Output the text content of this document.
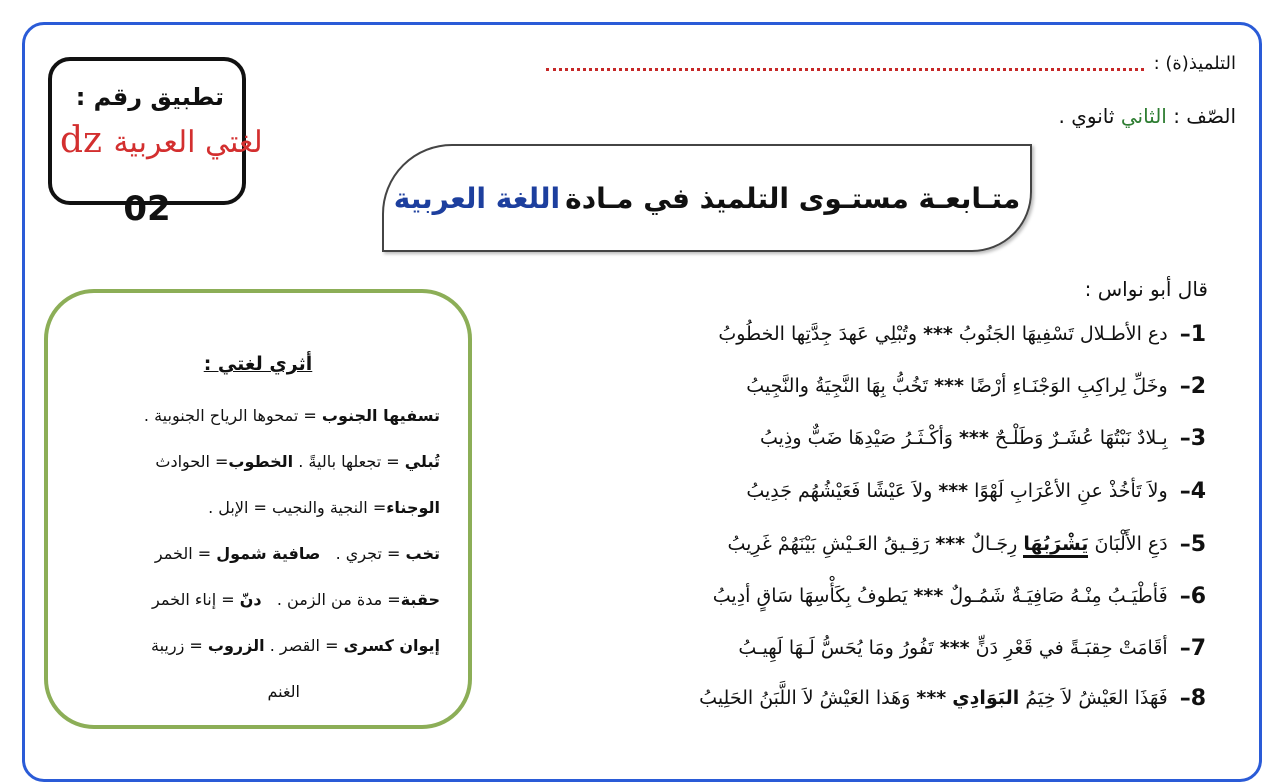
التلميذ(ة) :
الصّف : الثاني ثانوي .
متـابعـة مستـوى التلميذ في مـادة

اللغة العربية
تطبيق رقم :
02
dz لغتي العربية
أثري لغتي :
تسفيها الجنوب = تمحوها الرياح الجنوبية .
تُبلي = تجعلها باليةً . الخطوب= الحوادث
الوجناء= النجية والنجيب = الإبل .
تخب = تجري .   صافية شمول = الخمر
حقبة= مدة من الزمن .   دنّ = إناء الخمر
إيوان كسرى = القصر . الزروب = زريبة
الغنم
قال أبو نواس :
1–
دع الأطـلال تَسْفِيهَا الجَنُوبُ *** وتُبْلِي عَهدَ جِدَّتِها الخطُوبُ
2–
وخَلِّ لِراكِبِ الوَجْنَـاءِ أرْضًا *** تَخُبُّ بِهَا النَّجِيَةُ والنَّجِيبُ
3–
بِـلادٌ نَبْتُهَا عُشَـرٌ وَطَلْـحٌ *** وَأكْـثَـرُ صَيْدِهَا ضَبٌّ وذِيبُ
4–
ولاَ تَأخُذْ عنِ الأعْرَابِ لَهْوًا *** ولاَ عَيْشًا فَعَيْشُهُم جَدِيبُ
5–
دَعِ الأَلْبَانَ يَشْرَبُهَا رِجَـالٌ *** رَقِـيقُ العَـيْشِ بَيْنَهُمْ غَرِيبُ
6–
فَأطْيَـبُ مِنْـهُ صَافِيَـةٌ شَمُـولٌ *** يَطوفُ بِكَأْسِهَا سَاقٍ أدِيبُ
7–
أقَامَتْ حِقبَـةً في قَعْرِ دَنٍّ *** تَفُورُ ومَا يُحَسُّ لَـهَا لَهِيـبُ
8–
فَهَذَا العَيْشُ لاَ خِيَمُ البَوَادِي *** وَهَذا العَيْشُ لاَ اللَّبَنُ الحَلِيبُ
